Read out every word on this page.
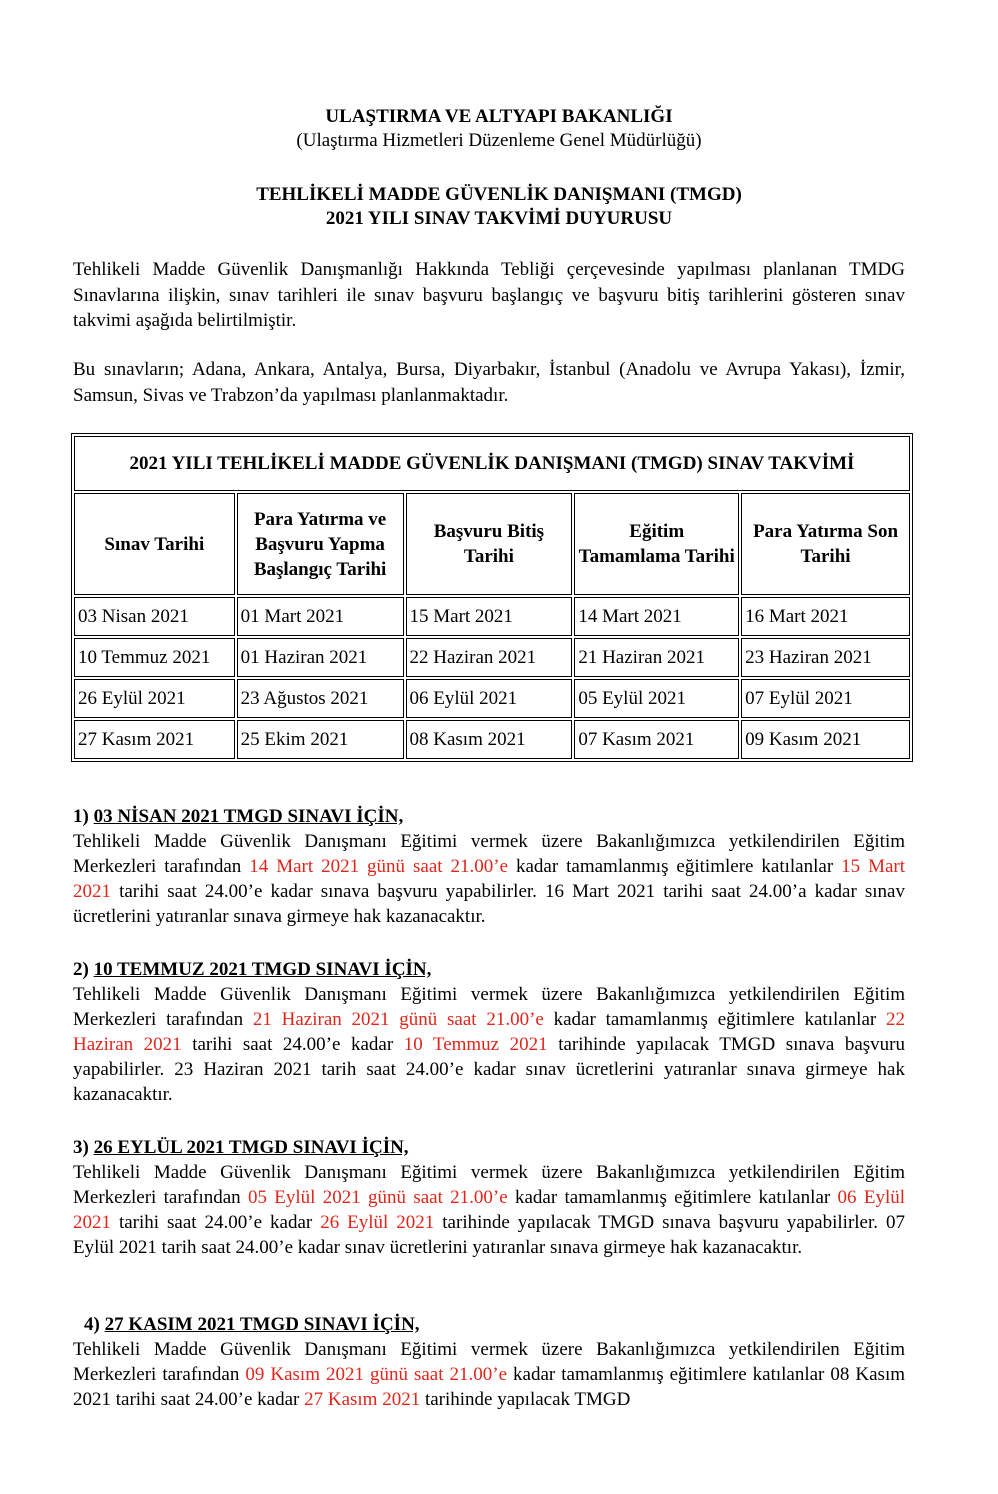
ULAŞTIRMA VE ALTYAPI BAKANLIĞI
(Ulaştırma Hizmetleri Düzenleme Genel Müdürlüğü)
TEHLİKELİ MADDE GÜVENLİK DANIŞMANI (TMGD)
2021 YILI SINAV TAKVİMİ DUYURUSU
Tehlikeli Madde Güvenlik Danışmanlığı Hakkında Tebliği çerçevesinde yapılması planlanan TMDG Sınavlarına ilişkin, sınav tarihleri ile sınav başvuru başlangıç ve başvuru bitiş tarihlerini gösteren sınav takvimi aşağıda belirtilmiştir.
Bu sınavların; Adana, Ankara, Antalya, Bursa, Diyarbakır, İstanbul (Anadolu ve Avrupa Yakası), İzmir, Samsun, Sivas ve Trabzon’da yapılması planlanmaktadır.
2021 YILI TEHLİKELİ MADDE GÜVENLİK DANIŞMANI (TMGD) SINAV TAKVİMİ				
Sınav Tarihi	Para Yatırma ve Başvuru Yapma Başlangıç Tarihi	Başvuru Bitiş Tarihi	Eğitim Tamamlama Tarihi	Para Yatırma Son Tarihi
03 Nisan 2021	01 Mart 2021	15 Mart 2021	14 Mart 2021	16 Mart 2021
10 Temmuz 2021	01 Haziran 2021	22 Haziran 2021	21 Haziran 2021	23 Haziran 2021
26 Eylül 2021	23 Ağustos 2021	06 Eylül 2021	05 Eylül 2021	07 Eylül 2021
27 Kasım 2021	25 Ekim 2021	08 Kasım 2021	07 Kasım 2021	09 Kasım 2021
1) 03 NİSAN 2021 TMGD SINAVI İÇİN,
Tehlikeli Madde Güvenlik Danışmanı Eğitimi vermek üzere Bakanlığımızca yetkilendirilen Eğitim Merkezleri tarafından 14 Mart 2021 günü saat 21.00’e kadar tamamlanmış eğitimlere katılanlar 15 Mart 2021 tarihi saat 24.00’e kadar sınava başvuru yapabilirler. 16 Mart 2021 tarihi saat 24.00’a kadar sınav ücretlerini yatıranlar sınava girmeye hak kazanacaktır.
2) 10 TEMMUZ 2021 TMGD SINAVI İÇİN,
Tehlikeli Madde Güvenlik Danışmanı Eğitimi vermek üzere Bakanlığımızca yetkilendirilen Eğitim Merkezleri tarafından 21 Haziran 2021 günü saat 21.00’e kadar tamamlanmış eğitimlere katılanlar 22 Haziran 2021 tarihi saat 24.00’e kadar 10 Temmuz 2021 tarihinde yapılacak TMGD sınava başvuru yapabilirler. 23 Haziran 2021 tarih saat 24.00’e kadar sınav ücretlerini yatıranlar sınava girmeye hak kazanacaktır.
3) 26 EYLÜL 2021 TMGD SINAVI İÇİN,
Tehlikeli Madde Güvenlik Danışmanı Eğitimi vermek üzere Bakanlığımızca yetkilendirilen Eğitim Merkezleri tarafından 05 Eylül 2021 günü saat 21.00’e kadar tamamlanmış eğitimlere katılanlar 06 Eylül 2021 tarihi saat 24.00’e kadar 26 Eylül 2021 tarihinde yapılacak TMGD sınava başvuru yapabilirler. 07 Eylül 2021 tarih saat 24.00’e kadar sınav ücretlerini yatıranlar sınava girmeye hak kazanacaktır.
4) 27 KASIM 2021 TMGD SINAVI İÇİN,
Tehlikeli Madde Güvenlik Danışmanı Eğitimi vermek üzere Bakanlığımızca yetkilendirilen Eğitim Merkezleri tarafından 09 Kasım 2021 günü saat 21.00’e kadar tamamlanmış eğitimlere katılanlar 08 Kasım 2021 tarihi saat 24.00’e kadar 27 Kasım 2021 tarihinde yapılacak TMGD
